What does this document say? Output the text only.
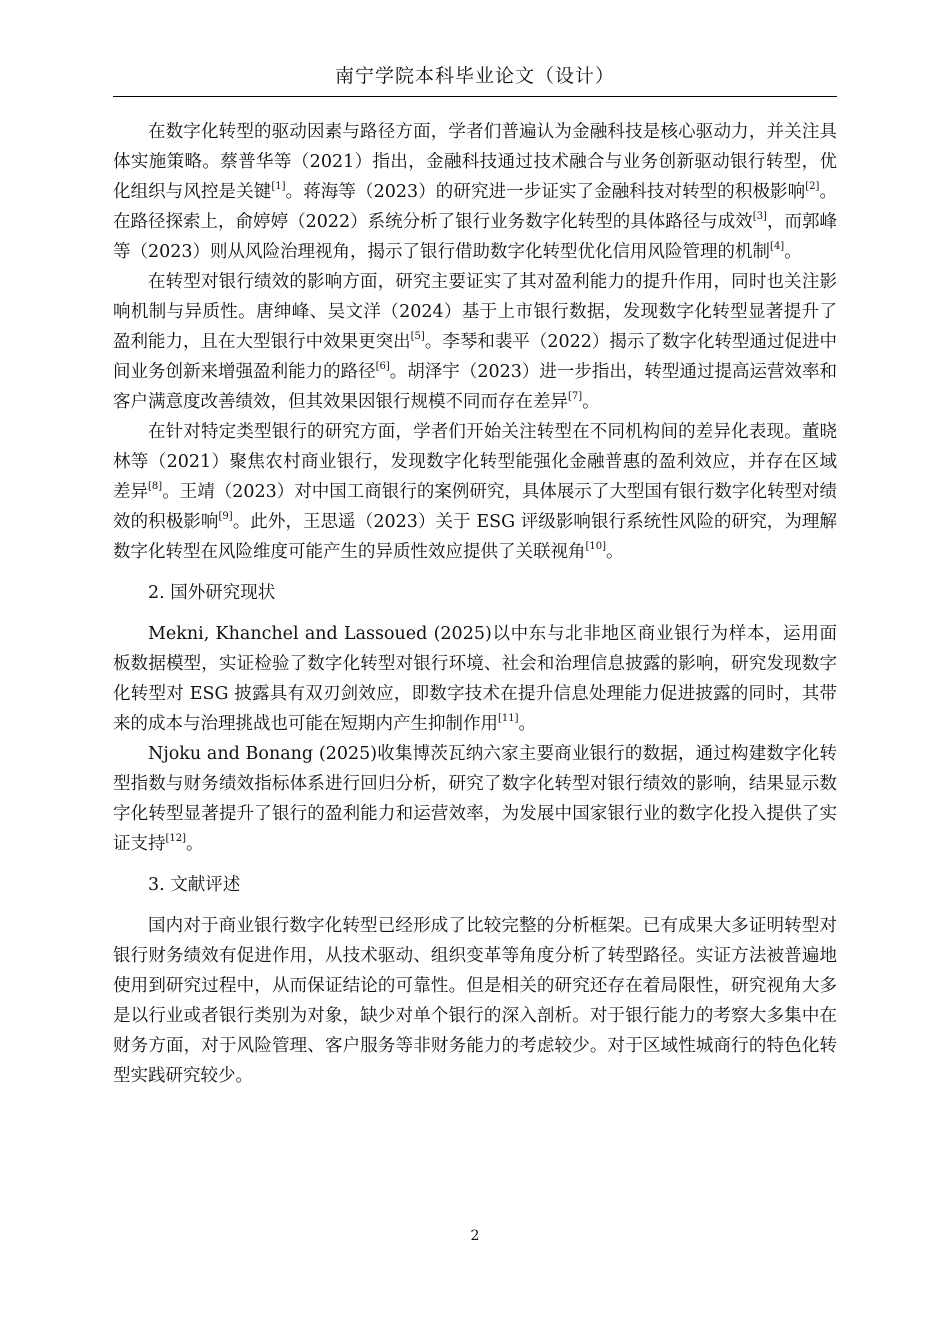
南宁学院本科毕业论文（设计）

在数字化转型的驱动因素与路径方面，学者们普遍认为金融科技是核心驱动力，并关注具体实施策略。蔡普华等（2021）指出，金融科技通过技术融合与业务创新驱动银行转型，优化组织与风控是关键[1]。蒋海等（2023）的研究进一步证实了金融科技对转型的积极影响[2]。在路径探索上，俞婷婷（2022）系统分析了银行业务数字化转型的具体路径与成效[3]，而郭峰等（2023）则从风险治理视角，揭示了银行借助数字化转型优化信用风险管理的机制[4]。

在转型对银行绩效的影响方面，研究主要证实了其对盈利能力的提升作用，同时也关注影响机制与异质性。唐绅峰、吴文洋（2024）基于上市银行数据，发现数字化转型显著提升了盈利能力，且在大型银行中效果更突出[5]。李琴和裴平（2022）揭示了数字化转型通过促进中间业务创新来增强盈利能力的路径[6]。胡泽宇（2023）进一步指出，转型通过提高运营效率和客户满意度改善绩效，但其效果因银行规模不同而存在差异[7]。

在针对特定类型银行的研究方面，学者们开始关注转型在不同机构间的差异化表现。董晓林等（2021）聚焦农村商业银行，发现数字化转型能强化金融普惠的盈利效应，并存在区域差异[8]。王靖（2023）对中国工商银行的案例研究，具体展示了大型国有银行数字化转型对绩效的积极影响[9]。此外，王思遥（2023）关于 ESG 评级影响银行系统性风险的研究，为理解数字化转型在风险维度可能产生的异质性效应提供了关联视角[10]。

2. 国外研究现状

Mekni, Khanchel and Lassoued (2025)以中东与北非地区商业银行为样本，运用面板数据模型，实证检验了数字化转型对银行环境、社会和治理信息披露的影响，研究发现数字化转型对 ESG 披露具有双刃剑效应，即数字技术在提升信息处理能力促进披露的同时，其带来的成本与治理挑战也可能在短期内产生抑制作用[11]。

Njoku and Bonang (2025)收集博茨瓦纳六家主要商业银行的数据，通过构建数字化转型指数与财务绩效指标体系进行回归分析，研究了数字化转型对银行绩效的影响，结果显示数字化转型显著提升了银行的盈利能力和运营效率，为发展中国家银行业的数字化投入提供了实证支持[12]。

3. 文献评述

国内对于商业银行数字化转型已经形成了比较完整的分析框架。已有成果大多证明转型对银行财务绩效有促进作用，从技术驱动、组织变革等角度分析了转型路径。实证方法被普遍地使用到研究过程中，从而保证结论的可靠性。但是相关的研究还存在着局限性，研究视角大多是以行业或者银行类别为对象，缺少对单个银行的深入剖析。对于银行能力的考察大多集中在财务方面，对于风险管理、客户服务等非财务能力的考虑较少。对于区域性城商行的特色化转型实践研究较少。

2
